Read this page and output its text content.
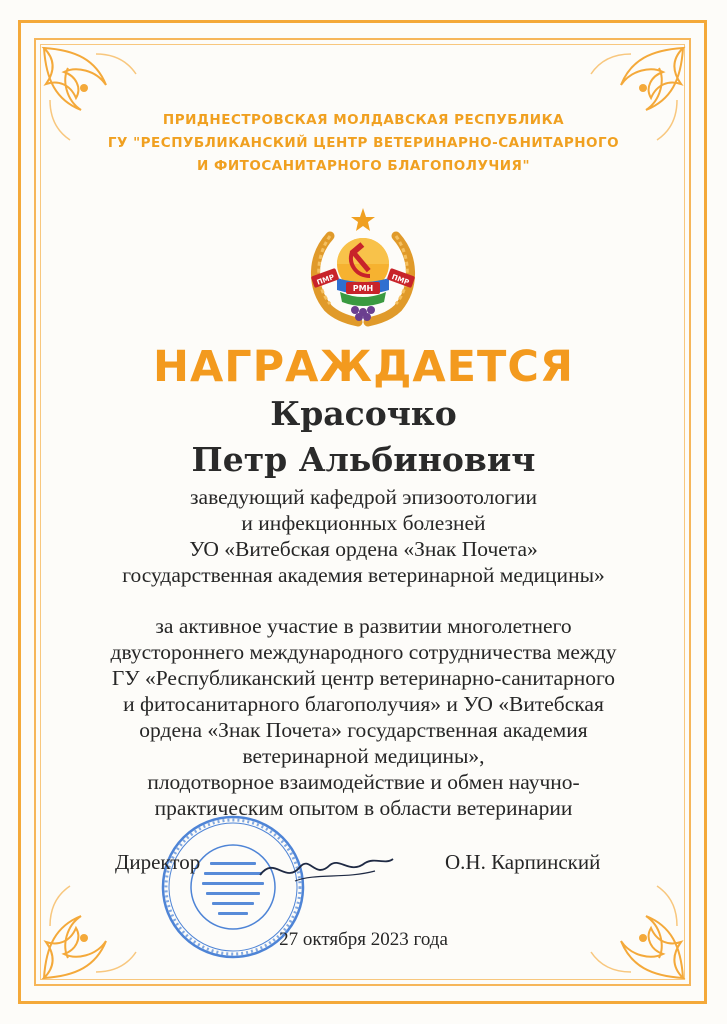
ПРИДНЕСТРОВСКАЯ МОЛДАВСКАЯ РЕСПУБЛИКА
ГУ "РЕСПУБЛИКАНСКИЙ ЦЕНТР ВЕТЕРИНАРНО-САНИТАРНОГО
И ФИТОСАНИТАРНОГО БЛАГОПОЛУЧИЯ"
ПМР	ПМР
PMH
НАГРАЖДАЕТСЯ
Красочко
Петр Альбинович
заведующий кафедрой эпизоотологии
и инфекционных болезней
УО «Витебская ордена «Знак Почета»
государственная академия ветеринарной медицины»
за активное участие в развитии многолетнего
двустороннего международного сотрудничества между
ГУ «Республиканский центр ветеринарно-санитарного
и фитосанитарного благополучия» и УО «Витебская
ордена «Знак Почета» государственная академия
ветеринарной медицины»,
плодотворное взаимодействие и обмен научно-
практическим опытом в области ветеринарии
Директор	О.Н. Карпинский
27 октября 2023 года
